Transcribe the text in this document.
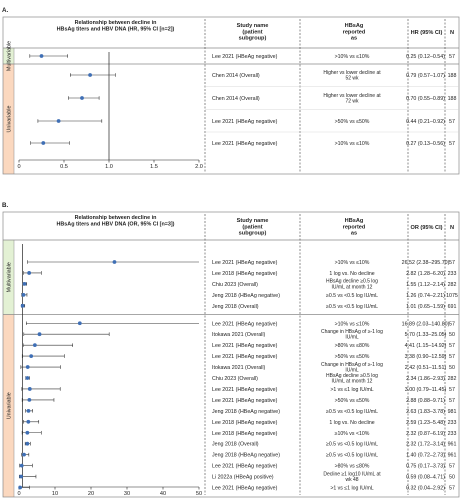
A.
Relationship between decline in HBsAg titers and HBV DNA (HR, 95% CI [n=2])
Study name (patient subgroup)
HBsAg reported as
HR (95% CI) N
Multivariable
Univariable
0	0.5	1.0	1.5	2.0
Lee 2021 (HBeAg negative)	>10% vs ≤10%	0.25 (0.12–0.54) 57
Chen 2014 (Overall)
Higher vs lower decline at 52 wk	0.79 (0.57–1.07) 188
Chen 2014 (Overall)
Higher vs lower decline at 72 wk	0.70 (0.55–0.89) 188
Lee 2021 (HBeAg negative)	>50% vs ≤50%	0.44 (0.21–0.92) 57
Lee 2021 (HBeAg negative)	>10% vs ≤10%	0.27 (0.13–0.56) 57
B.
Relationship between decline in HBsAg titers and HBV DNA (OR, 95% CI [n=3])
Study name (patient subgroup)
HBsAg reported as
OR (95% CI) N
Multivariable
Univariable
0	10	20	30	40	50
Lee 2021 (HBeAg negative)	>10% vs ≤10%	26.52 (2.38–295.70) 57
Lee 2018 (HBeAg negative)	1 log vs. No decline	2.82 (1.28–6.20) 233
Chiu 2023 (Overall)
HBsAg decline ≥0.5 log IU/mL at month 12	1.55 (1.12–2.14) 282
Jeng 2018 (HBeAg negative)	≥0.5 vs <0.5 log IU/mL	1.26 (0.74–2.21) 1075
Jeng 2018 (Overall)	≥0.5 vs <0.5 log IU/mL	1.01 (0.65–1.59) 691
Lee 2021 (HBeAg negative)	>10% vs ≤10%	16.89 (2.03–140.80) 57
Itokawa 2021 (Overall)
Change in HBsAg of ≥-1 log IU/mL	5.70 (1.33–25.05) 50
Lee 2021 (HBeAg negative)	>80% vs ≤80%	4.41 (1.15–14.92) 57
Lee 2021 (HBeAg negative)	>50% vs ≤50%	3.38 (0.90–12.59) 57
Itokawa 2021 (Overall)
Change in HBsAg of ≥-1 log IU/mL	2.42 (0.51–11.51) 50
Chiu 2023 (Overall)
HBsAg decline ≥0.5 log IU/mL at month 12	2.34 (1.86–2.93) 282
Lee 2021 (HBeAg negative)	>1 vs ≤1 log IU/mL	3.00 (0.79–11.45) 57
Lee 2021 (HBeAg negative)	>50% vs ≤50%	2.88 (0.88–9.71) 57
Jeng 2018 (HBeAg negative)	≥0.5 vs <0.5 log IU/mL	2.63 (1.83–3.78) 981
Lee 2018 (HBeAg negative)	1 log vs. No decline	2.59 (1.23–5.48) 233
Lee 2018 (HBeAg negative)	≥10% vs <10%	2.32 (0.87–6.19) 233
Jeng 2018 (Overall)	≥0.5 vs <0.5 log IU/mL	2.32 (1.72–3.14) 961
Jeng 2018 (HBeAg negative)	≥0.5 vs <0.5 log IU/mL	1.40 (0.72–2.73) 961
Lee 2021 (HBeAg negative)	>80% vs ≤80%	0.75 (0.17–3.73) 57
Li 2022a (HBeAg positive)
Decline ≥1 log10 IU/mL at wk 48	0.59 (0.08–4.71) 50
Lee 2021 (HBeAg negative)	>1 vs ≤1 log IU/mL	0.32 (0.04–2.92) 57
